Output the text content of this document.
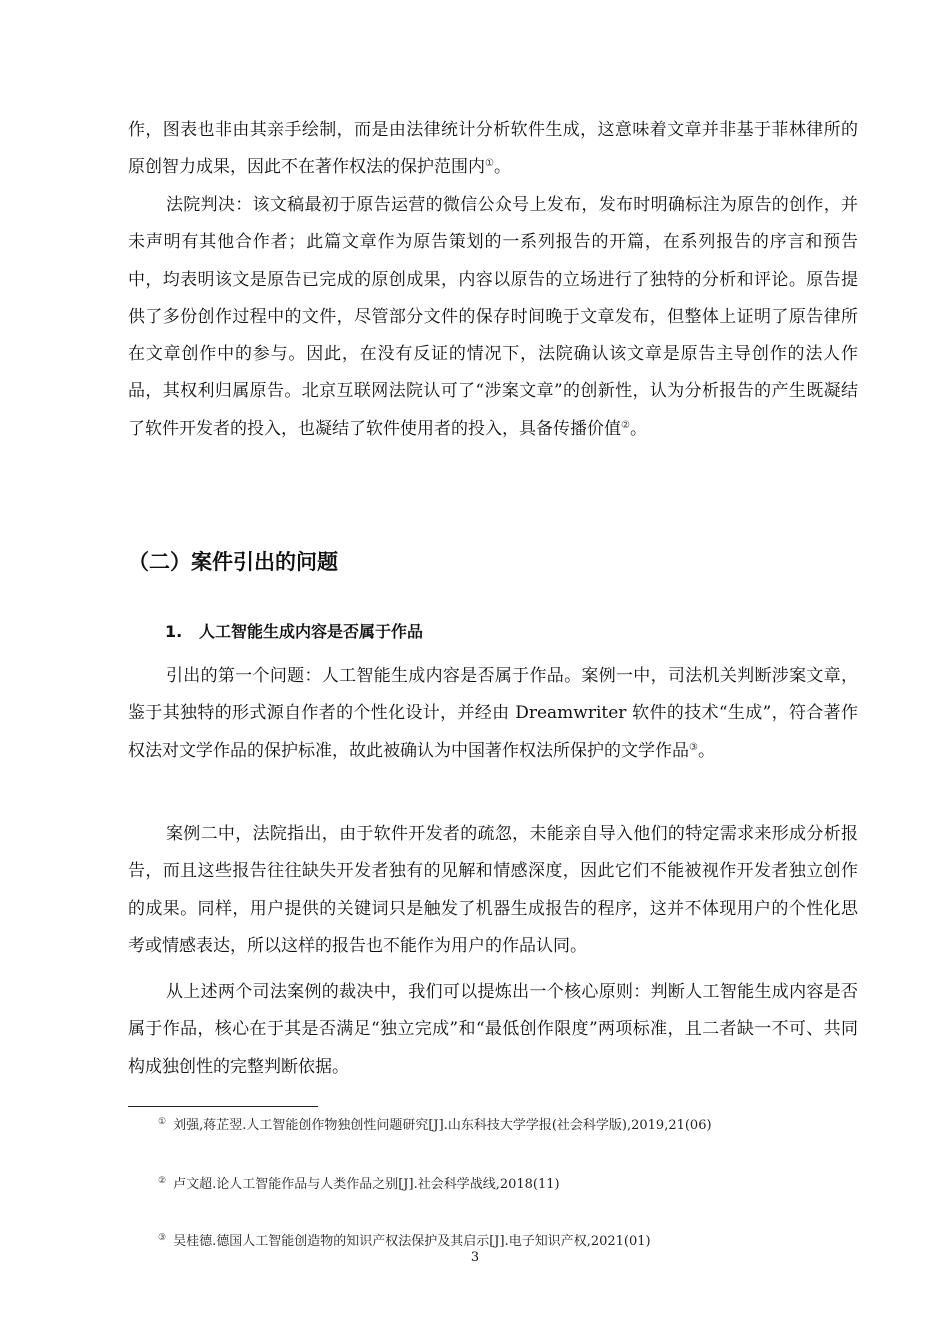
作，图表也非由其亲手绘制，而是由法律统计分析软件生成，这意味着文章并非基于菲林律所的原创智力成果，因此不在著作权法的保护范围内①。

法院判决：该文稿最初于原告运营的微信公众号上发布，发布时明确标注为原告的创作，并未声明有其他合作者；此篇文章作为原告策划的一系列报告的开篇，在系列报告的序言和预告中，均表明该文是原告已完成的原创成果，内容以原告的立场进行了独特的分析和评论。原告提供了多份创作过程中的文件，尽管部分文件的保存时间晚于文章发布，但整体上证明了原告律所在文章创作中的参与。因此，在没有反证的情况下，法院确认该文章是原告主导创作的法人作品，其权利归属原告。北京互联网法院认可了“涉案文章”的创新性，认为分析报告的产生既凝结了软件开发者的投入，也凝结了软件使用者的投入，具备传播价值②。

（二）案件引出的问题
1. 人工智能生成内容是否属于作品

引出的第一个问题：人工智能生成内容是否属于作品。案例一中，司法机关判断涉案文章，鉴于其独特的形式源自作者的个性化设计，并经由 Dreamwriter 软件的技术“生成”，符合著作权法对文学作品的保护标准，故此被确认为中国著作权法所保护的文学作品③。

案例二中，法院指出，由于软件开发者的疏忽，未能亲自导入他们的特定需求来形成分析报告，而且这些报告往往缺失开发者独有的见解和情感深度，因此它们不能被视作开发者独立创作的成果。同样，用户提供的关键词只是触发了机器生成报告的程序，这并不体现用户的个性化思考或情感表达，所以这样的报告也不能作为用户的作品认同。

从上述两个司法案例的裁决中，我们可以提炼出一个核心原则：判断人工智能生成内容是否属于作品，核心在于其是否满足“独立完成”和“最低创作限度”两项标准，且二者缺一不可、共同构成独创性的完整判断依据。

① 刘强,蒋芷翌.人工智能创作物独创性问题研究[J].山东科技大学学报(社会科学版),2019,21(06)

② 卢文超.论人工智能作品与人类作品之别[J].社会科学战线,2018(11)

③ 吴桂德.德国人工智能创造物的知识产权法保护及其启示[J].电子知识产权,2021(01)

3
